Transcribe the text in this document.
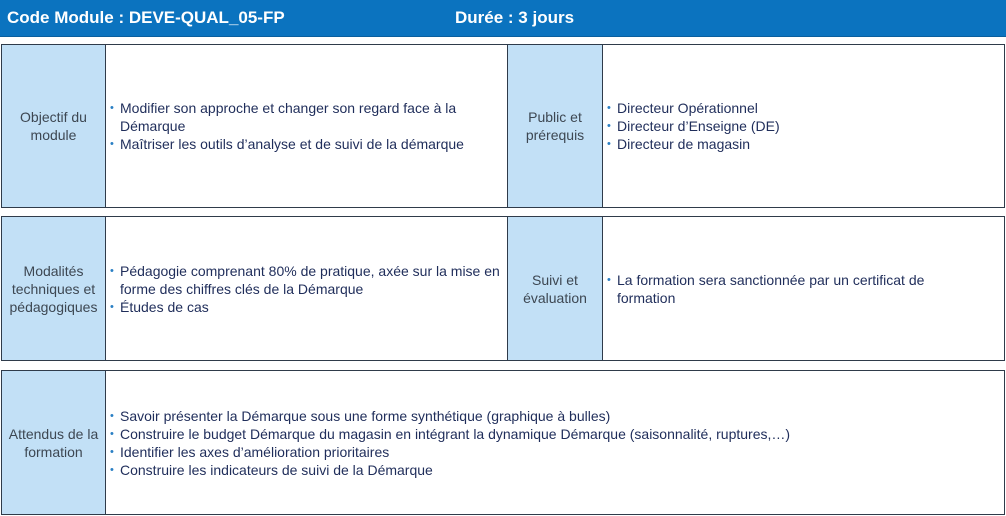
Code Module : DEVE-QUAL_05-FP	Durée : 3 jours
Objectif du module
• Modifier son approche et changer son regard face à la Démarque
• Maîtriser les outils d’analyse et de suivi de la démarque
Public et prérequis
• Directeur Opérationnel
• Directeur d’Enseigne (DE)
• Directeur de magasin
Modalités techniques et pédagogiques
• Pédagogie comprenant 80% de pratique, axée sur la mise en forme des chiffres clés de la Démarque
• Études de cas
Suivi et évaluation
• La formation sera sanctionnée par un certificat de formation
Attendus de la formation
• Savoir présenter la Démarque sous une forme synthétique (graphique à bulles)
• Construire le budget Démarque du magasin en intégrant la dynamique Démarque (saisonnalité, ruptures,…)
• Identifier les axes d’amélioration prioritaires
• Construire les indicateurs de suivi de la Démarque
